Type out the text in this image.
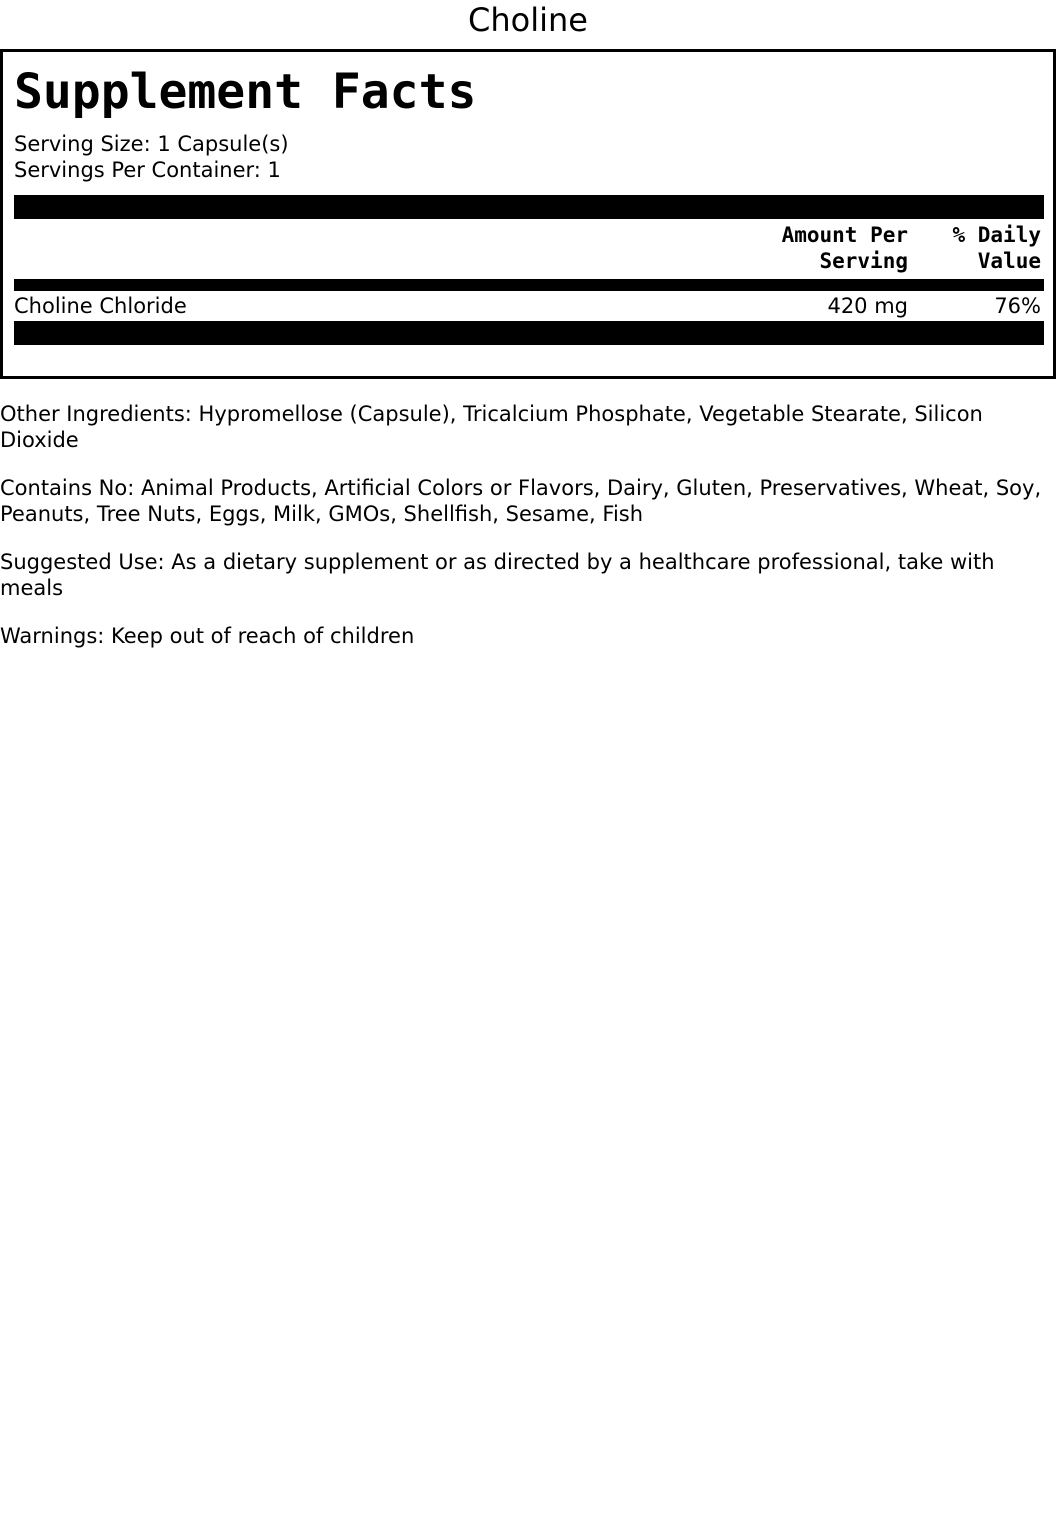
Choline
Supplement Facts
Serving Size: 1 Capsule(s)
Servings Per Container: 1
Amount Per
Serving
% Daily
Value
Choline Chloride	420 mg	76%

Other Ingredients: Hypromellose (Capsule), Tricalcium Phosphate, Vegetable Stearate, Silicon Dioxide

Contains No: Animal Products, Artificial Colors or Flavors, Dairy, Gluten, Preservatives, Wheat, Soy, Peanuts, Tree Nuts, Eggs, Milk, GMOs, Shellfish, Sesame, Fish

Suggested Use: As a dietary supplement or as directed by a healthcare professional, take with meals

Warnings: Keep out of reach of children
